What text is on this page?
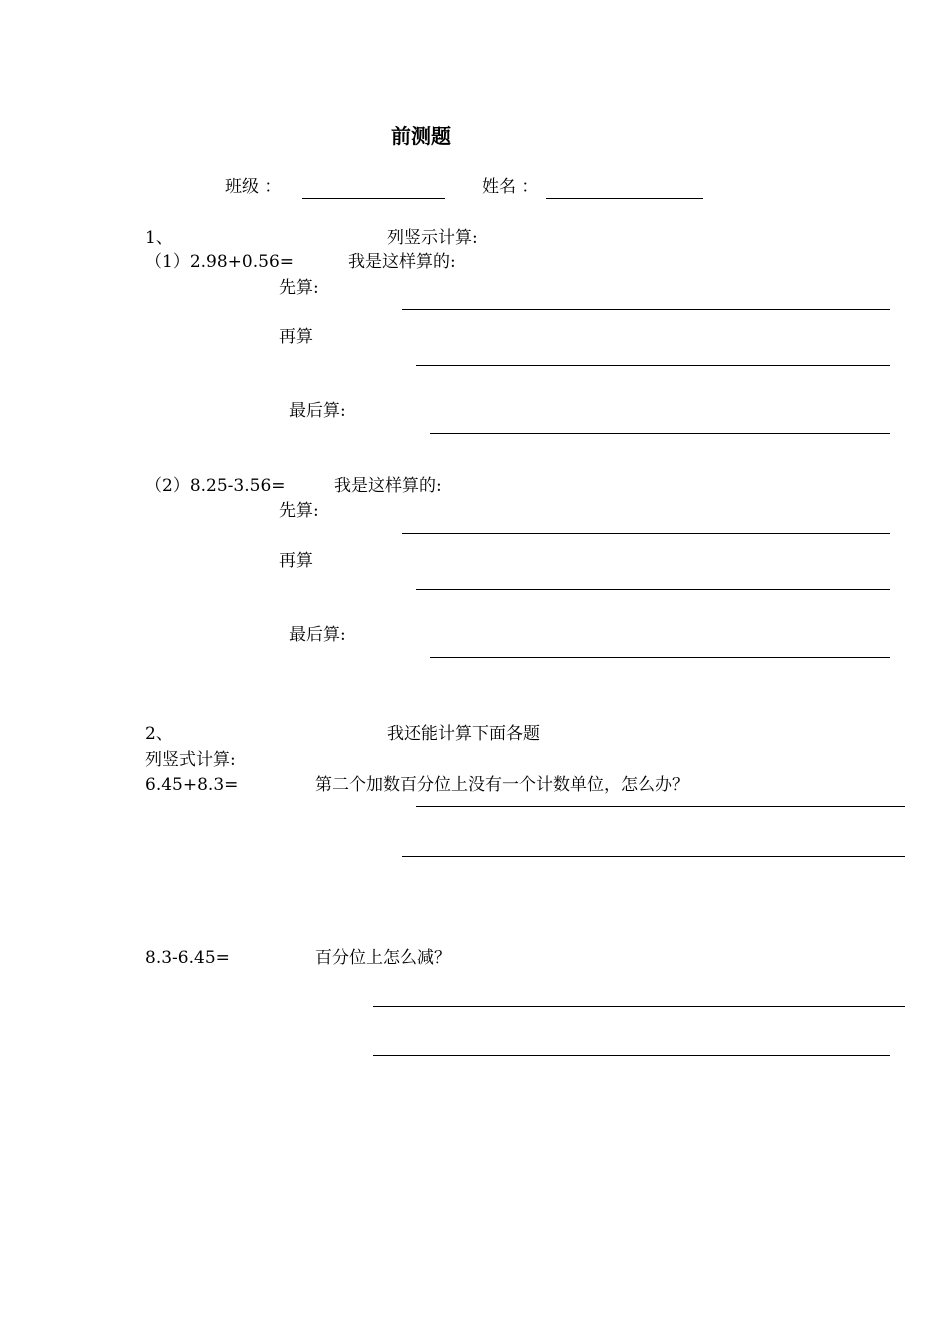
前测题
班级 ：	姓名 ：
1、	列竖示计算:
（1）2.98+0.56=	我是这样算的:
先算:
再算
最后算:
（2）8.25-3.56=	我是这样算的:
先算:
再算
最后算:
2、	我还能计算下面各题
列竖式计算:
6.45+8.3=	第二个加数百分位上没有一个计数单位，怎么办？
8.3-6.45=	百分位上怎么减？
